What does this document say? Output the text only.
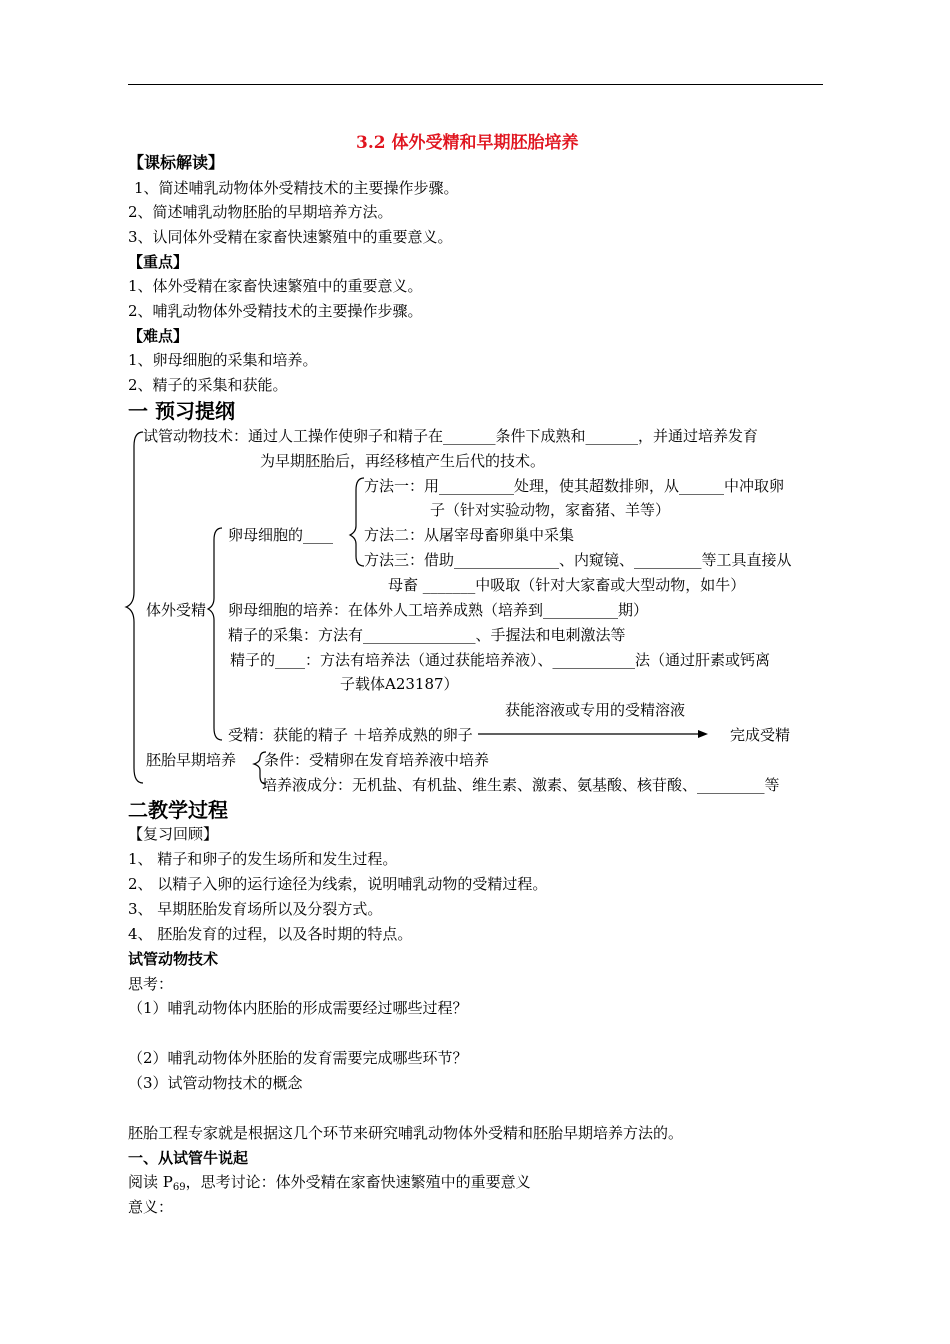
3.2 体外受精和早期胚胎培养
【课标解读】
1、简述哺乳动物体外受精技术的主要操作步骤。
2、简述哺乳动物胚胎的早期培养方法。
3、认同体外受精在家畜快速繁殖中的重要意义。
【重点】
1、体外受精在家畜快速繁殖中的重要意义。
2、哺乳动物体外受精技术的主要操作步骤。
【难点】
1、卵母细胞的采集和培养。
2、精子的采集和获能。
一 预习提纲
试管动物技术：通过人工操作使卵子和精子在_______条件下成熟和_______，并通过培养发育
为早期胚胎后，再经移植产生后代的技术。
方法一：用__________处理，使其超数排卵，从______中冲取卵
子（针对实验动物，家畜猪、羊等）
卵母细胞的____ 方法二：从屠宰母畜卵巢中采集
方法三：借助______________、内窥镜、_________等工具直接从
母畜 _______中吸取（针对大家畜或大型动物，如牛）
体外受精 卵母细胞的培养：在体外人工培养成熟（培养到__________期）
精子的采集：方法有_______________、手握法和电刺激法等
精子的____：方法有培养法（通过获能培养液）、___________法（通过肝素或钙离
子载体A23187）
获能溶液或专用的受精溶液
受精：获能的精子 ＋培养成熟的卵子	完成受精
胚胎早期培养 条件：受精卵在发育培养液中培养
培养液成分：无机盐、有机盐、维生素、激素、氨基酸、核苷酸、_________等
二教学过程
【复习回顾】
1、 精子和卵子的发生场所和发生过程。
2、 以精子入卵的运行途径为线索，说明哺乳动物的受精过程。
3、 早期胚胎发育场所以及分裂方式。
4、 胚胎发育的过程，以及各时期的特点。
试管动物技术
思考：
（1）哺乳动物体内胚胎的形成需要经过哪些过程？
（2）哺乳动物体外胚胎的发育需要完成哪些环节？
（3）试管动物技术的概念
胚胎工程专家就是根据这几个环节来研究哺乳动物体外受精和胚胎早期培养方法的。
一、从试管牛说起
阅读 $P_{69}$，思考讨论：体外受精在家畜快速繁殖中的重要意义
意义：
